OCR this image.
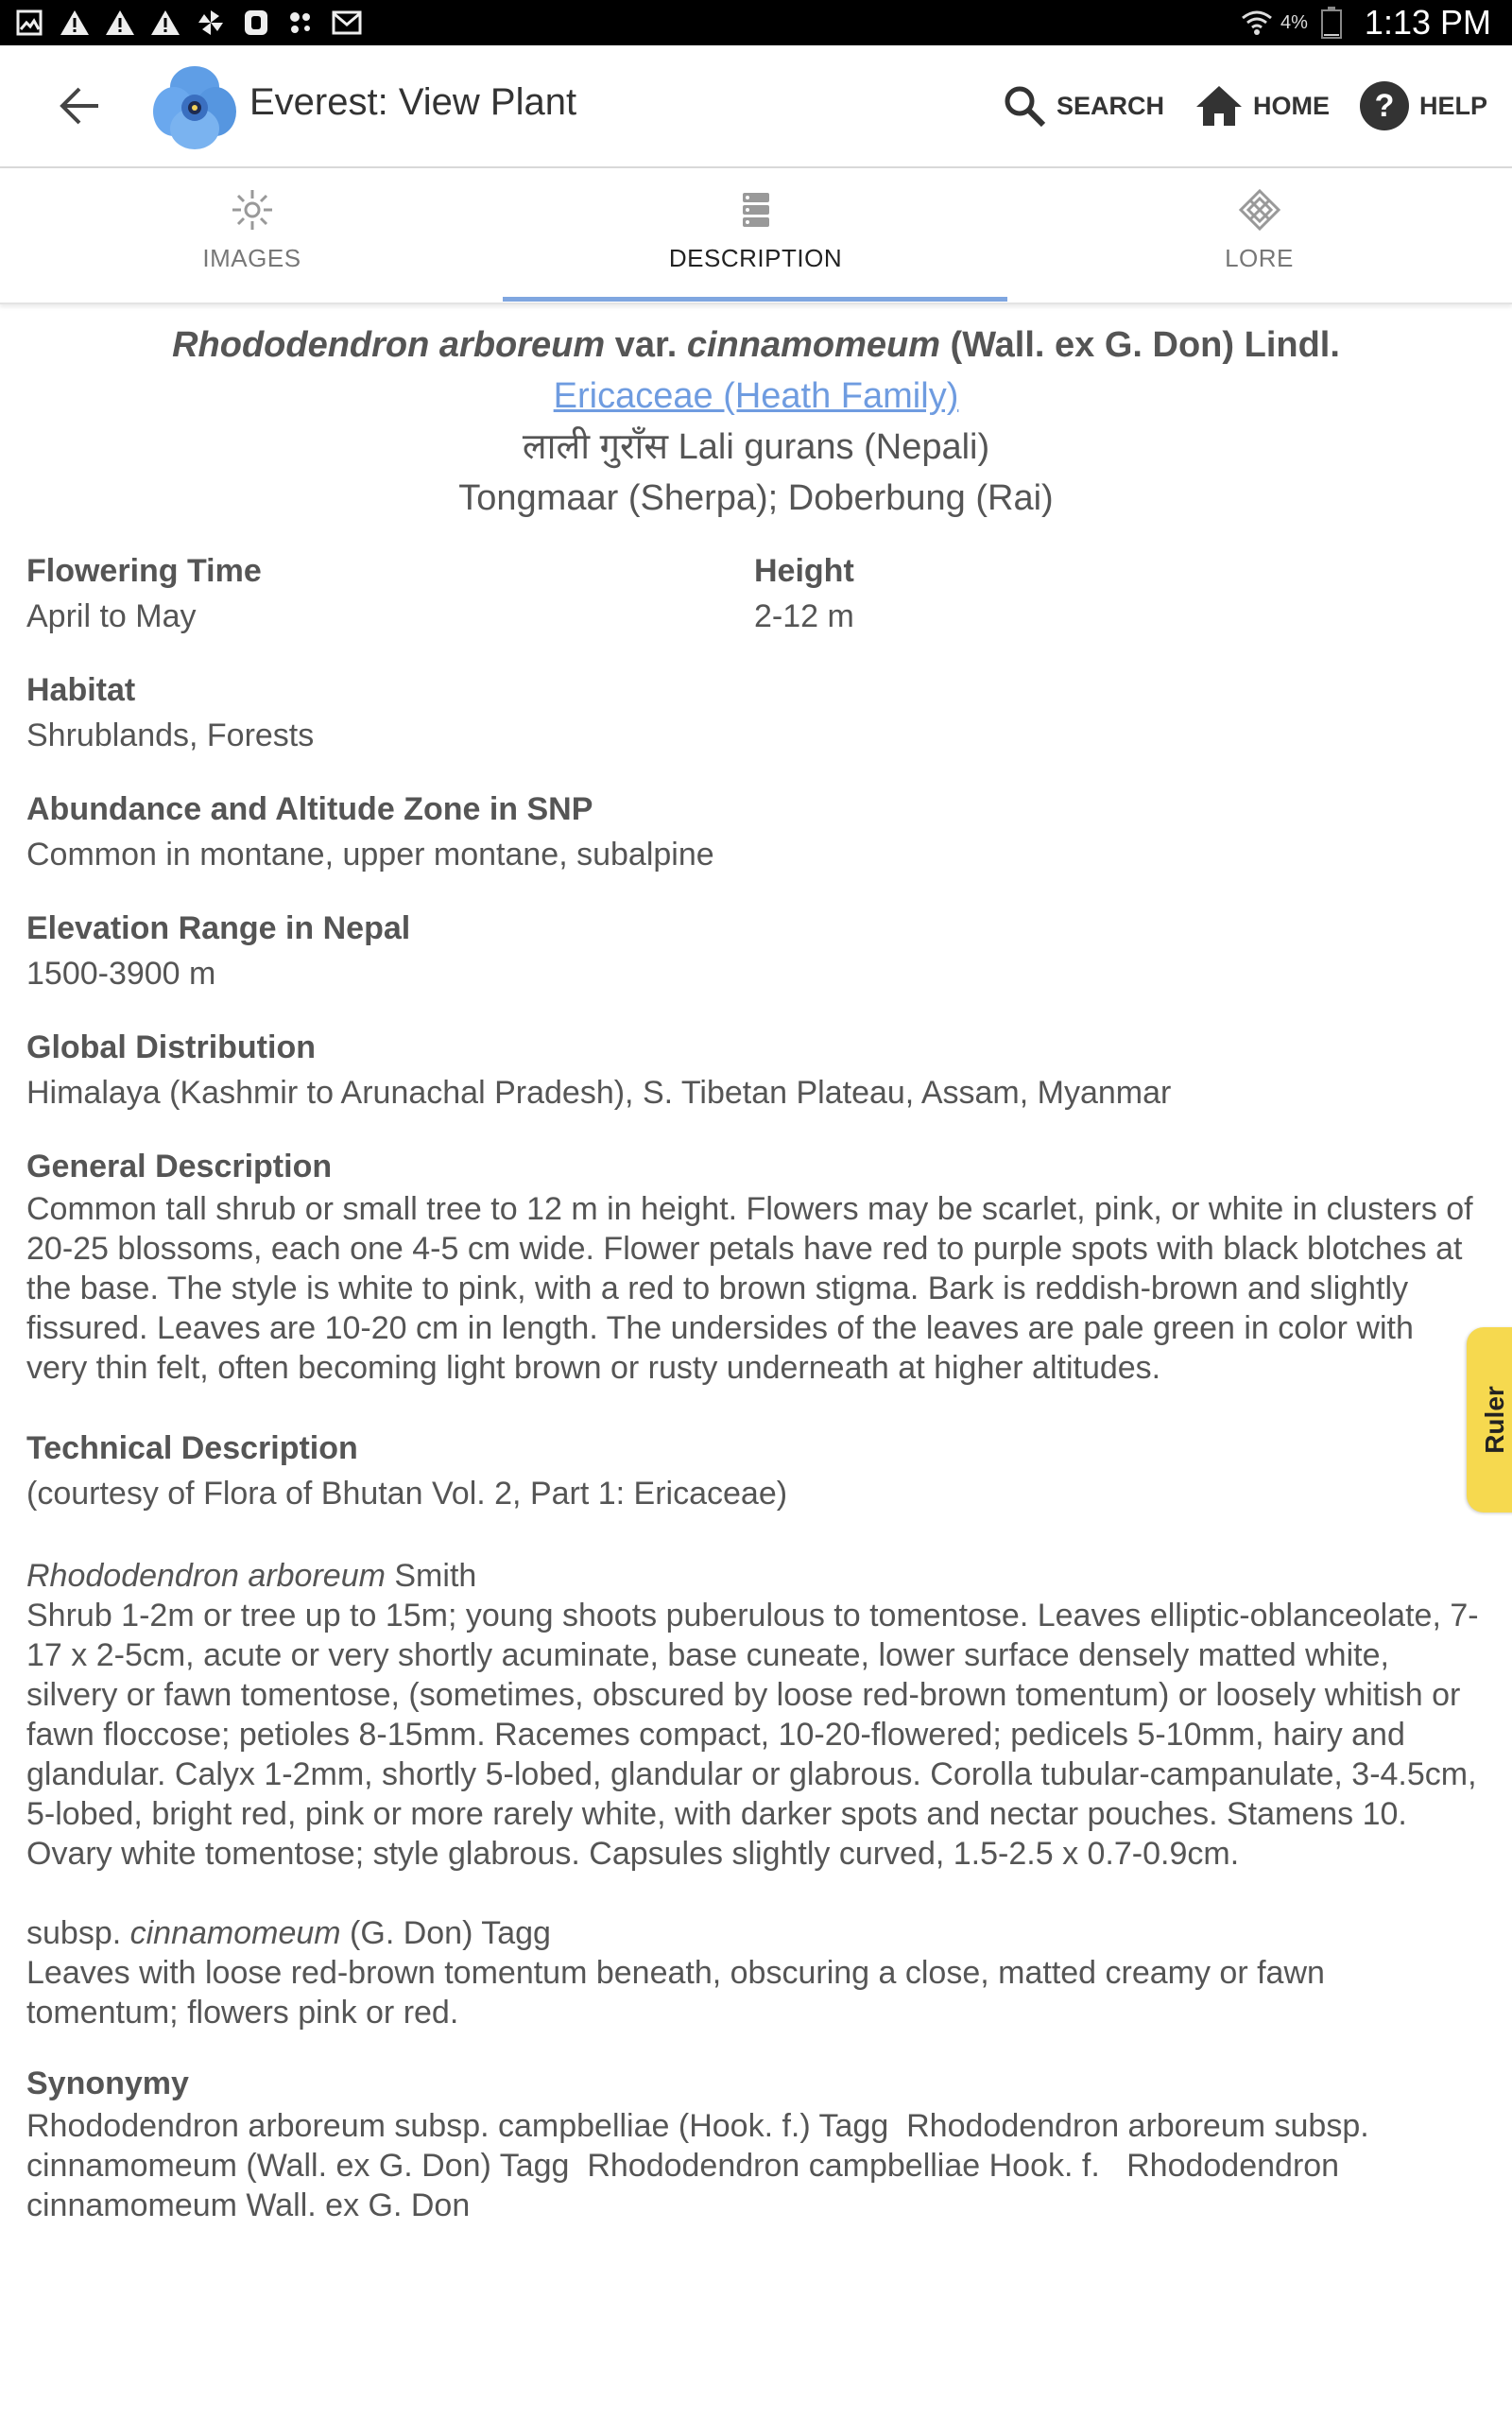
4% 1:13 PM
Everest: View Plant	SEARCH	HOME ? HELP
IMAGES	DESCRIPTION	LORE
Rhododendron arboreum var. cinnamomeum (Wall. ex G. Don) Lindl.
Ericaceae (Heath Family)
लाली गुराँस Lali gurans (Nepali)
Tongmaar (Sherpa); Doberbung (Rai)
Flowering Time
April to May
Height
2-12 m
Habitat
Shrublands, Forests
Abundance and Altitude Zone in SNP
Common in montane, upper montane, subalpine
Elevation Range in Nepal
1500-3900 m
Global Distribution
Himalaya (Kashmir to Arunachal Pradesh), S. Tibetan Plateau, Assam, Myanmar
General Description
Common tall shrub or small tree to 12 m in height. Flowers may be scarlet, pink, or white in clusters of 20-25 blossoms, each one 4-5 cm wide. Flower petals have red to purple spots with black blotches at the base. The style is white to pink, with a red to brown stigma. Bark is reddish-brown and slightly fissured. Leaves are 10-20 cm in length. The undersides of the leaves are pale green in color with very thin felt, often becoming light brown or rusty underneath at higher altitudes.
Technical Description
(courtesy of Flora of Bhutan Vol. 2, Part 1: Ericaceae)
Rhododendron arboreum Smith
Shrub 1-2m or tree up to 15m; young shoots puberulous to tomentose. Leaves elliptic-oblanceolate, 7-17 x 2-5cm, acute or very shortly acuminate, base cuneate, lower surface densely matted white, silvery or fawn tomentose, (sometimes, obscured by loose red-brown tomentum) or loosely whitish or fawn floccose; petioles 8-15mm. Racemes compact, 10-20-flowered; pedicels 5-10mm, hairy and glandular. Calyx 1-2mm, shortly 5-lobed, glandular or glabrous. Corolla tubular-campanulate, 3-4.5cm, 5-lobed, bright red, pink or more rarely white, with darker spots and nectar pouches. Stamens 10. Ovary white tomentose; style glabrous. Capsules slightly curved, 1.5-2.5 x 0.7-0.9cm.
subsp. cinnamomeum (G. Don) Tagg
Leaves with loose red-brown tomentum beneath, obscuring a close, matted creamy or fawn tomentum; flowers pink or red.
Synonymy
Rhododendron arboreum subsp. campbelliae (Hook. f.) Tagg  Rhododendron arboreum subsp. cinnamomeum (Wall. ex G. Don) Tagg  Rhododendron campbelliae Hook. f.   Rhododendron cinnamomeum Wall. ex G. Don
Ruler
